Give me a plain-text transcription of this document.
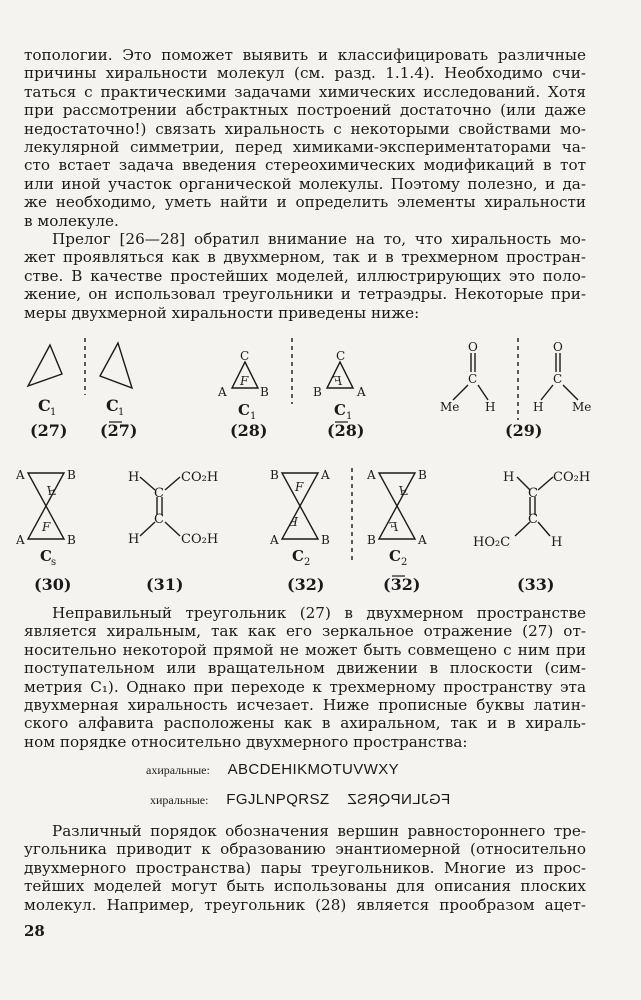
топологии. Это поможет выявить и классифицировать различные
причины хиральности молекул (см. разд. 1.1.4). Необходимо счи-
таться с практическими задачами химических исследований. Хотя
при рассмотрении абстрактных построений достаточно (или даже
недостаточно!) связать хиральность с некоторыми свойствами мо-
лекулярной симметрии, перед химиками-экспериментаторами ча-
сто встает задача введения стереохимических модификаций в тот
или иной участок органической молекулы. Поэтому полезно, и да-
же необходимо, уметь найти и определить элементы хиральности
в молекуле.
Прелог [26—28] обратил внимание на то, что хиральность мо-
жет проявляться как в двухмерном, так и в трехмерном простран-
стве. В качестве простейших моделей, иллюстрирующих это поло-
жение, он использовал треугольники и тетраэдры. Некоторые при-
меры двухмерной хиральности приведены ниже:
C 1
(27)
C 1
(27)
C
A	B
F
C 1
(28)
C
B	A
F
C 1
(28)
O
C
Me H
O
C
H Me
(29)
A	B
A	B
F
F
C s
(30)
H	CO₂H
C
C
H	CO₂H
(31)
B	A
A	B
F
F
C 2
(32)
A	B
B	A
F
F
C 2
(32)
H	CO₂H
C
C
HO₂C	H
(33)
Неправильный треугольник (27) в двухмерном пространстве
является хиральным, так как его зеркальное отражение (27) от-
носительно некоторой прямой не может быть совмещено с ним при
поступательном или вращательном движении в плоскости (сим-
метрия C₁). Однако при переходе к трехмерному пространству эта
двухмерная хиральность исчезает. Ниже прописные буквы латин-
ского алфавита расположены как в ахиральном, так и в хираль-
ном порядке относительно двухмерного пространства:
ахиральные: ABCDEHIKMOTUVWXY
хиральные: FGJLNPQRSZ FGJLNPQRSZ
Различный порядок обозначения вершин равностороннего тре-
угольника приводит к образованию энантиомерной (относительно
двухмерного пространства) пары треугольников. Многие из прос-
тейших моделей могут быть использованы для описания плоских
молекул. Например, треугольник (28) является прообразом ацет-
28
